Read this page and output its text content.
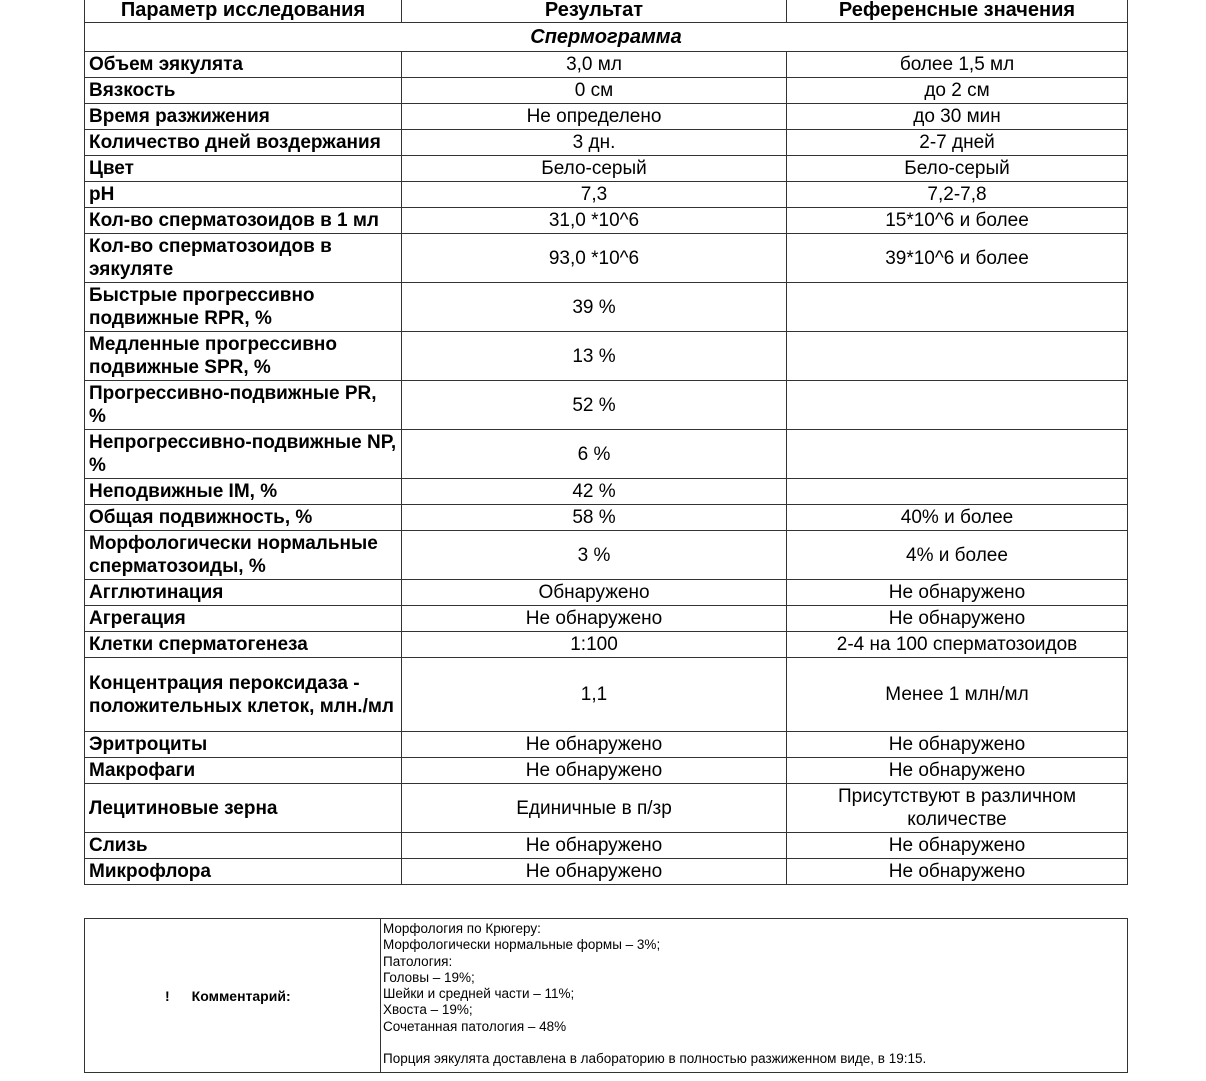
Параметр исследования	Результат	Референсные значения
Спермограмма		
Объем эякулята	3,0 мл	более 1,5 мл
Вязкость	0 см	до 2 см
Время разжижения	Не определено	до 30 мин
Количество дней воздержания	3 дн.	2-7 дней
Цвет	Бело-серый	Бело-серый
pH	7,3	7,2-7,8
Кол-во сперматозоидов в 1 мл	31,0 *10^6	15*10^6 и более
Кол-во сперматозоидов в эякуляте	93,0 *10^6	39*10^6 и более
Быстрые прогрессивно подвижные RPR, %	39 %	
Медленные прогрессивно подвижные SPR, %	13 %	
Прогрессивно-подвижные PR, %	52 %	
Непрогрессивно-подвижные NP, %	6 %	
Неподвижные IM, %	42 %	
Общая подвижность, %	58 %	40% и более
Морфологически нормальные сперматозоиды, %	3 %	4% и более
Агглютинация	Обнаружено	Не обнаружено
Агрегация	Не обнаружено	Не обнаружено
Клетки сперматогенеза	1:100	2-4 на 100 сперматозоидов
Концентрация пероксидаза - положительных клеток, млн./мл	1,1	Менее 1 млн/мл
Эритроциты	Не обнаружено	Не обнаружено
Макрофаги	Не обнаружено	Не обнаружено
Лецитиновые зерна	Единичные в п/зр	Присутствуют в различном количестве
Слизь	Не обнаружено	Не обнаружено
Микрофлора	Не обнаружено	Не обнаружено
! Комментарий:
Морфология по Крюгеру:
Морфологически нормальные формы – 3%;
Патология:
Головы – 19%;
Шейки и средней части – 11%;
Хвоста – 19%;
Сочетанная патология – 48%
Порция эякулята доставлена в лабораторию в полностью разжиженном виде, в 19:15.
